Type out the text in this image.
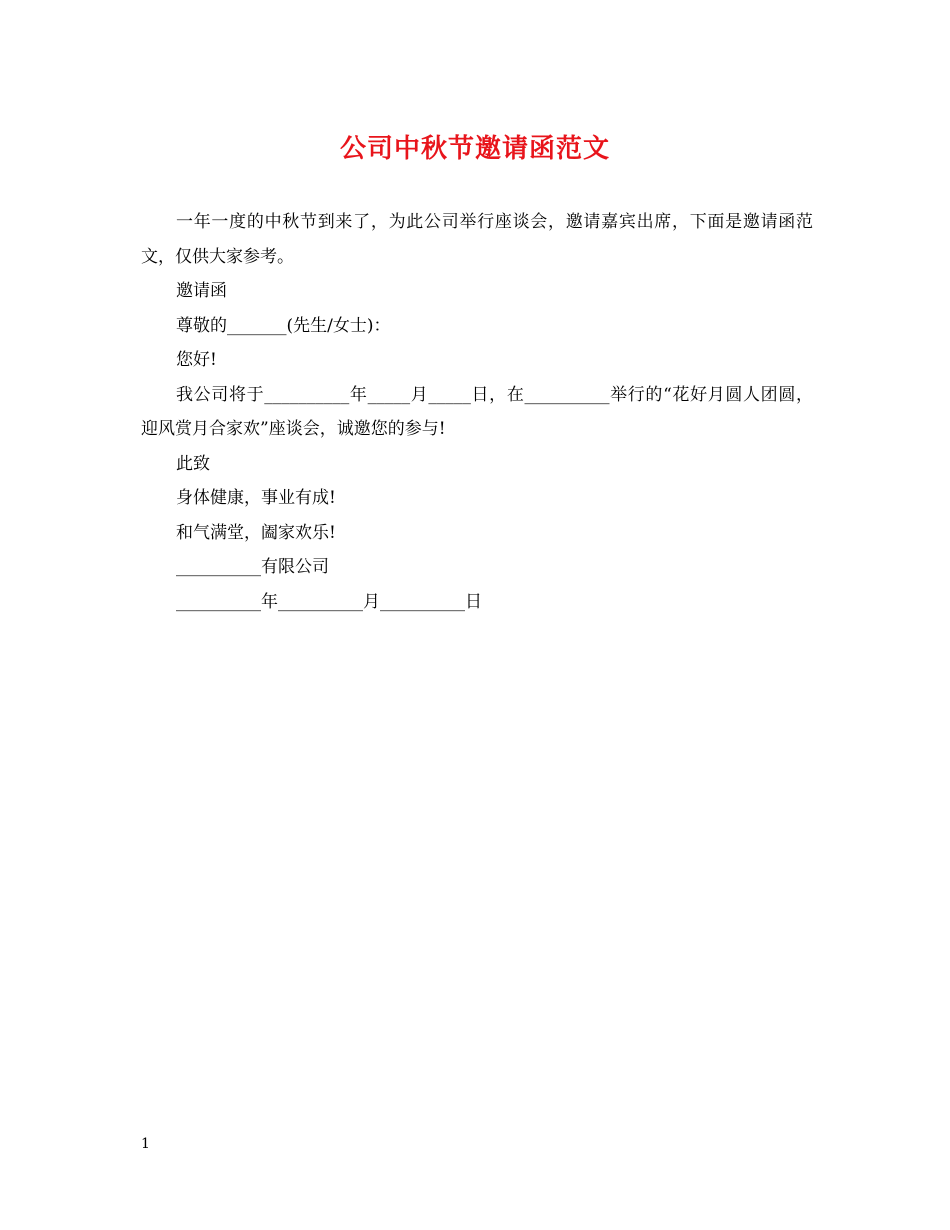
公司中秋节邀请函范文

一年一度的中秋节到来了，为此公司举行座谈会，邀请嘉宾出席，下面是邀请函范文，仅供大家参考。

邀请函

尊敬的_______(先生/女士)：

您好!

我公司将于__________年_____月_____日，在__________举行的“花好月圆人团圆，迎风赏月合家欢”座谈会，诚邀您的参与!

此致

身体健康，事业有成!

和气满堂，阖家欢乐!

__________有限公司

__________年__________月__________日

1
